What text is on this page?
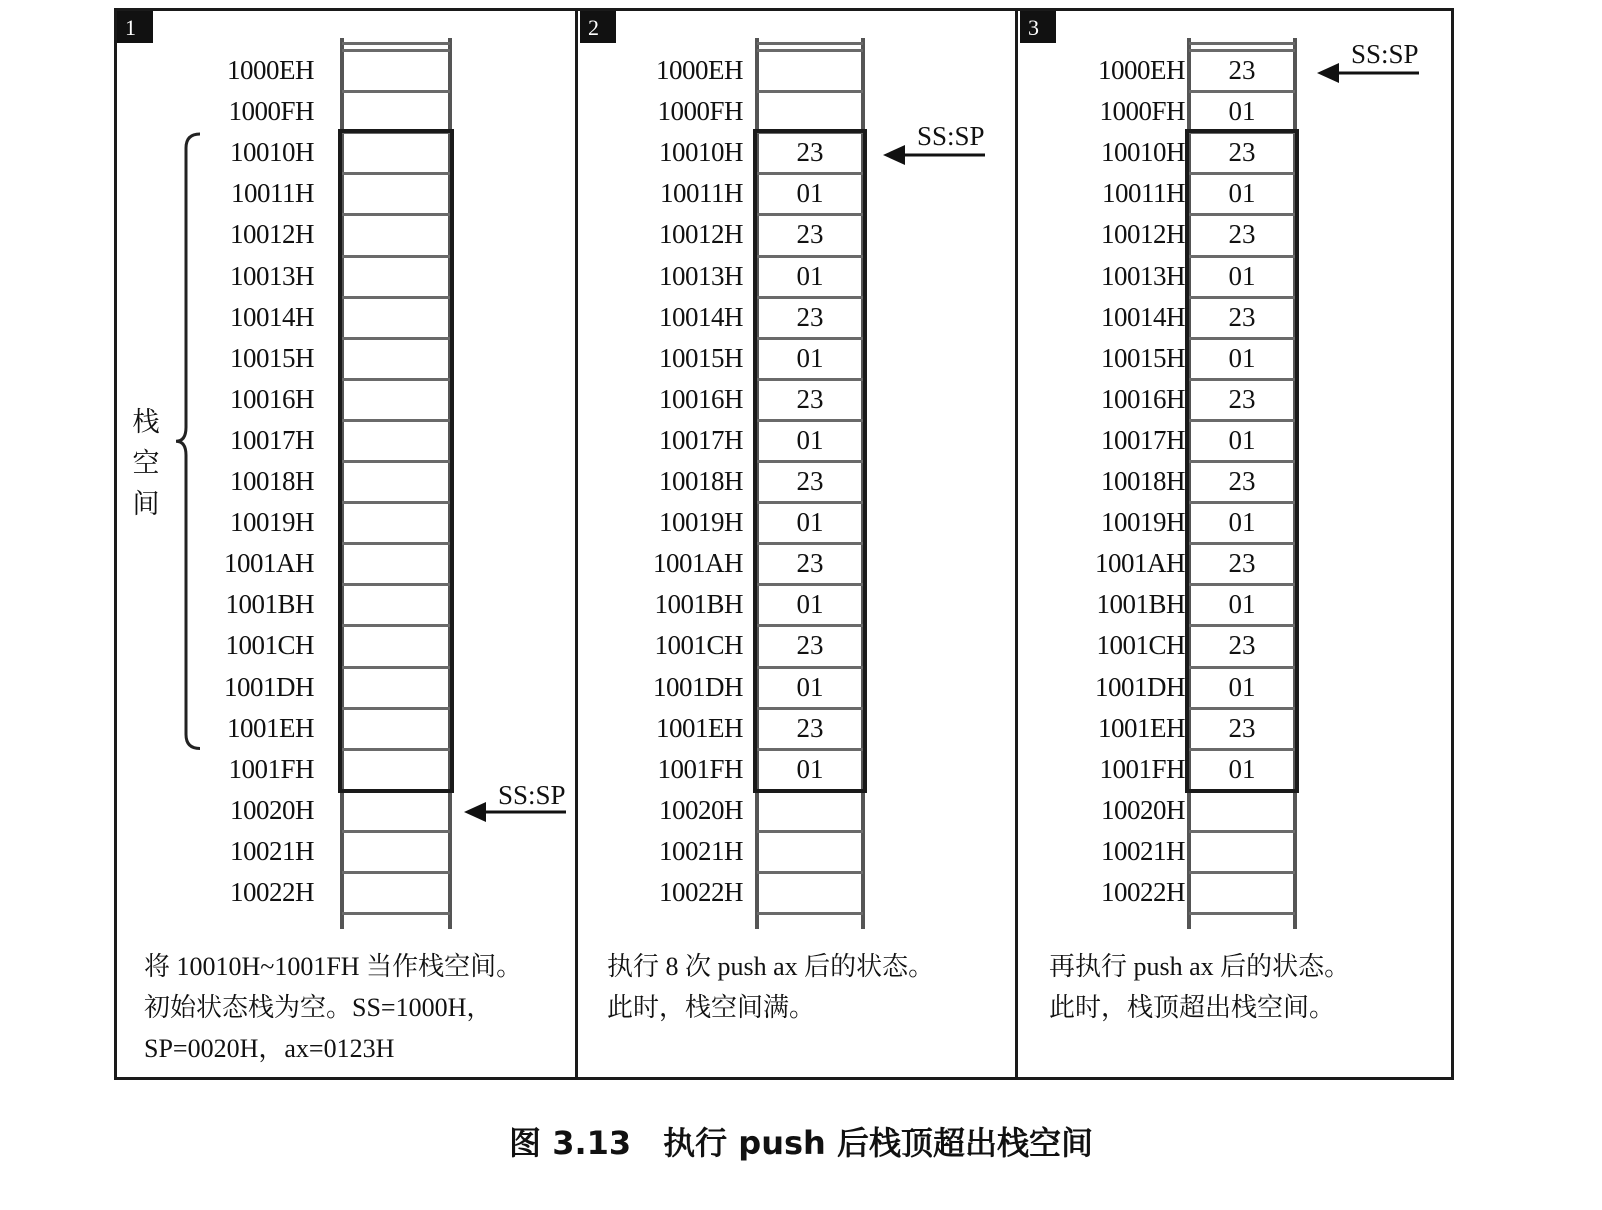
1
1000EH
1000FH
10010H
10011H
10012H
10013H
10014H
10015H
10016H
10017H
10018H
10019H
1001AH
1001BH
1001CH
1001DH
1001EH
1001FH
10020H
10021H
10022H
SS:SP
将 10010H~1001FH 当作栈空间。
初始状态栈为空。SS=1000H，
SP=0020H，ax=0123H
栈
空
间
2
1000EH
1000FH
10010H	23
10011H	01
10012H	23
10013H	01
10014H	23
10015H	01
10016H	23
10017H	01
10018H	23
10019H	01
1001AH	23
1001BH	01
1001CH	23
1001DH	01
1001EH	23
1001FH	01
10020H
10021H
10022H
SS:SP
执行 8 次 push ax 后的状态。
此时，栈空间满。
3
1000EH	23
1000FH	01
10010H	23
10011H	01
10012H	23
10013H	01
10014H	23
10015H	01
10016H	23
10017H	01
10018H	23
10019H	01
1001AH	23
1001BH	01
1001CH	23
1001DH	01
1001EH	23
1001FH	01
10020H
10021H
10022H
SS:SP
再执行 push ax 后的状态。
此时，栈顶超出栈空间。
图 3.13　执行 push 后栈顶超出栈空间
